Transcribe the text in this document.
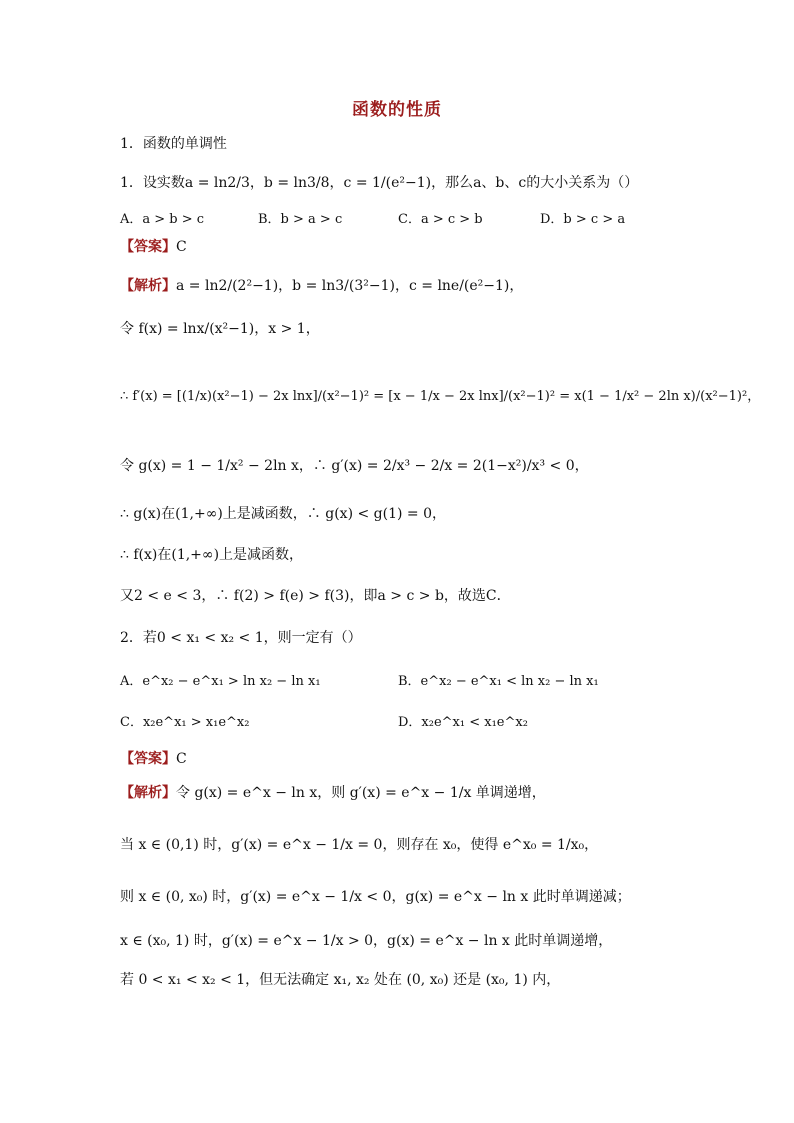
函数的性质
1．函数的单调性
1．设实数a = ln2/3，b = ln3/8，c = 1/(e²−1)，那么a、b、c的大小关系为（）
A．a > b > c	B．b > a > c	C．a > c > b	D．b > c > a
【答案】C
【解析】a = ln2/(2²−1)，b = ln3/(3²−1)，c = lne/(e²−1)，
令 f(x) = lnx/(x²−1)，x > 1，
∴ f′(x) = [(1/x)(x²−1) − 2x lnx]/(x²−1)² = [x − 1/x − 2x lnx]/(x²−1)² = x(1 − 1/x² − 2ln x)/(x²−1)²，
令 g(x) = 1 − 1/x² − 2ln x，∴ g′(x) = 2/x³ − 2/x = 2(1−x²)/x³ < 0，
∴ g(x)在(1,+∞)上是减函数，∴ g(x) < g(1) = 0，
∴ f(x)在(1,+∞)上是减函数，
又2 < e < 3，∴ f(2) > f(e) > f(3)，即a > c > b，故选C．
2．若0 < x₁ < x₂ < 1，则一定有（）
A．e^x₂ − e^x₁ > ln x₂ − ln x₁	B．e^x₂ − e^x₁ < ln x₂ − ln x₁
C．x₂e^x₁ > x₁e^x₂	D．x₂e^x₁ < x₁e^x₂
【答案】C
【解析】令 g(x) = e^x − ln x，则 g′(x) = e^x − 1/x 单调递增，
当 x ∈ (0,1) 时，g′(x) = e^x − 1/x = 0，则存在 x₀，使得 e^x₀ = 1/x₀，
则 x ∈ (0, x₀) 时，g′(x) = e^x − 1/x < 0，g(x) = e^x − ln x 此时单调递减；
x ∈ (x₀, 1) 时，g′(x) = e^x − 1/x > 0，g(x) = e^x − ln x 此时单调递增，
若 0 < x₁ < x₂ < 1，但无法确定 x₁, x₂ 处在 (0, x₀) 还是 (x₀, 1) 内，
